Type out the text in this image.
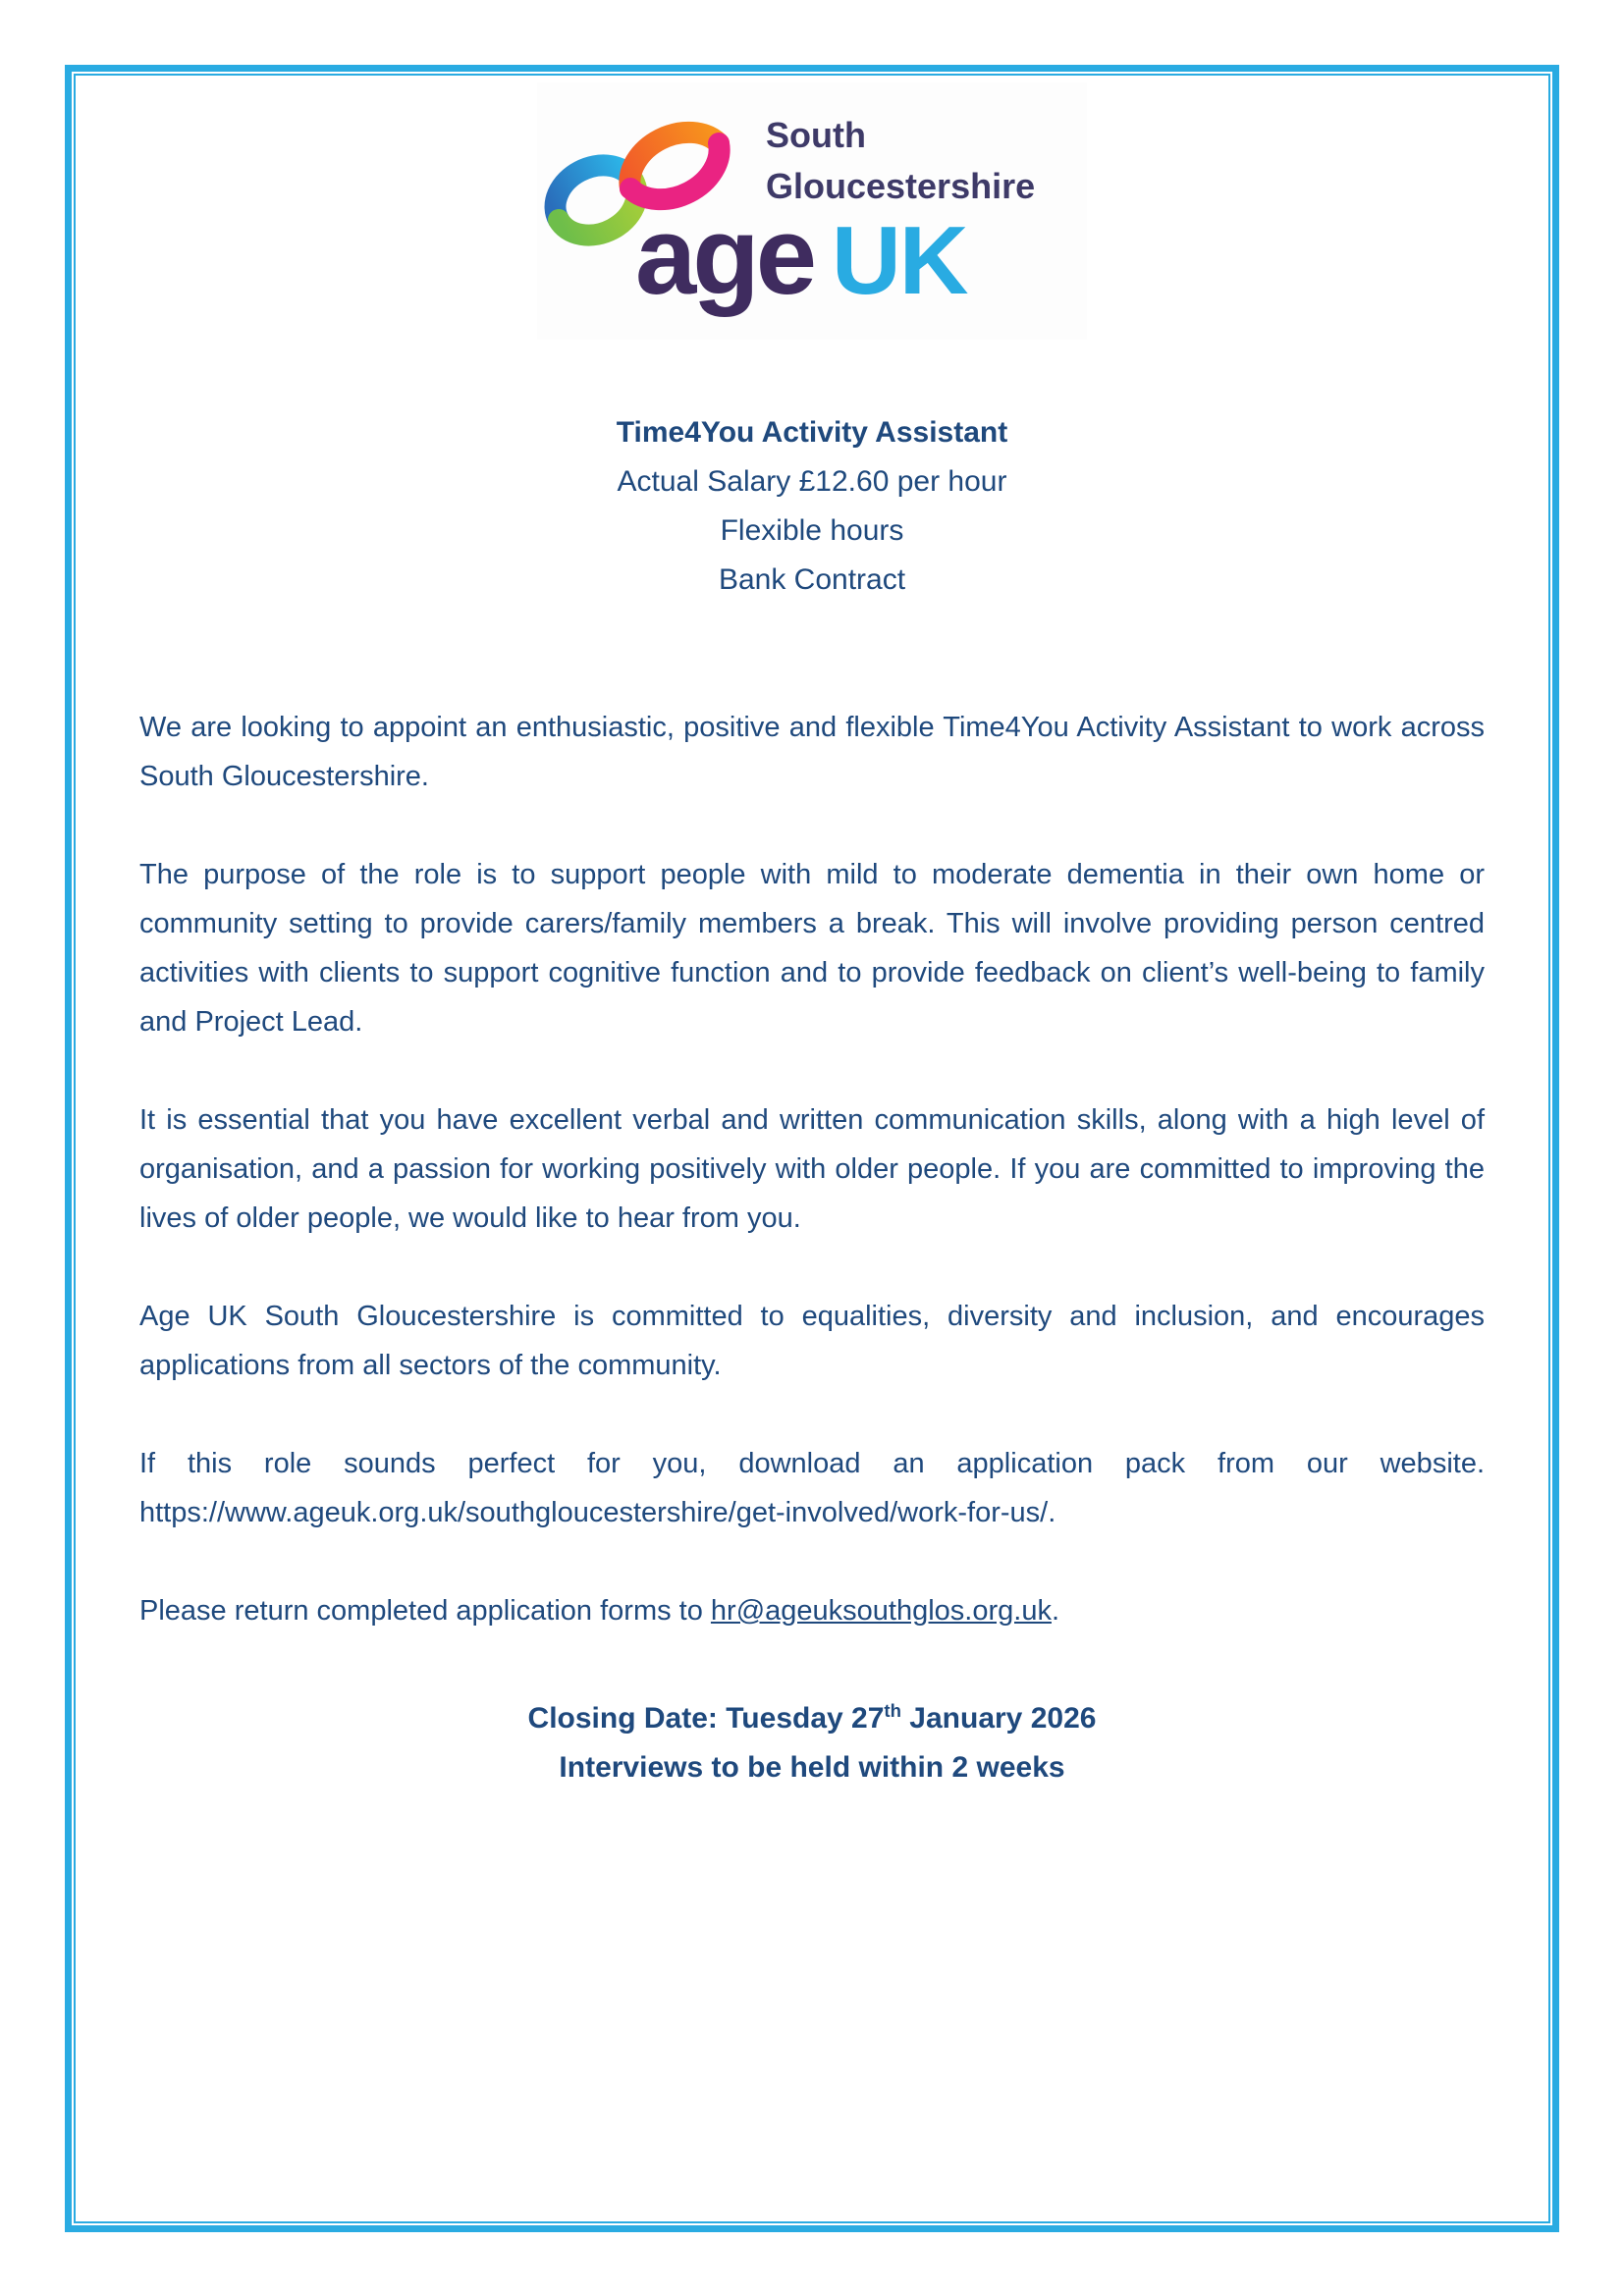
South
Gloucestershire
age UK
Time4You Activity Assistant
Actual Salary £12.60 per hour
Flexible hours
Bank Contract

We are looking to appoint an enthusiastic, positive and flexible Time4You Activity Assistant to work across South Gloucestershire.

The purpose of the role is to support people with mild to moderate dementia in their own home or community setting to provide carers/family members a break. This will involve providing person centred activities with clients to support cognitive function and to provide feedback on client’s well-being to family and Project Lead.

It is essential that you have excellent verbal and written communication skills, along with a high level of organisation, and a passion for working positively with older people. If you are committed to improving the lives of older people, we would like to hear from you.

Age UK South Gloucestershire is committed to equalities, diversity and inclusion, and encourages applications from all sectors of the community.

If this role sounds perfect for you, download an application pack from our website. https://www.ageuk.org.uk/southgloucestershire/get-involved/work-for-us/.

Please return completed application forms to hr@ageuksouthglos.org.uk.

Closing Date: Tuesday 27th January 2026
Interviews to be held within 2 weeks
